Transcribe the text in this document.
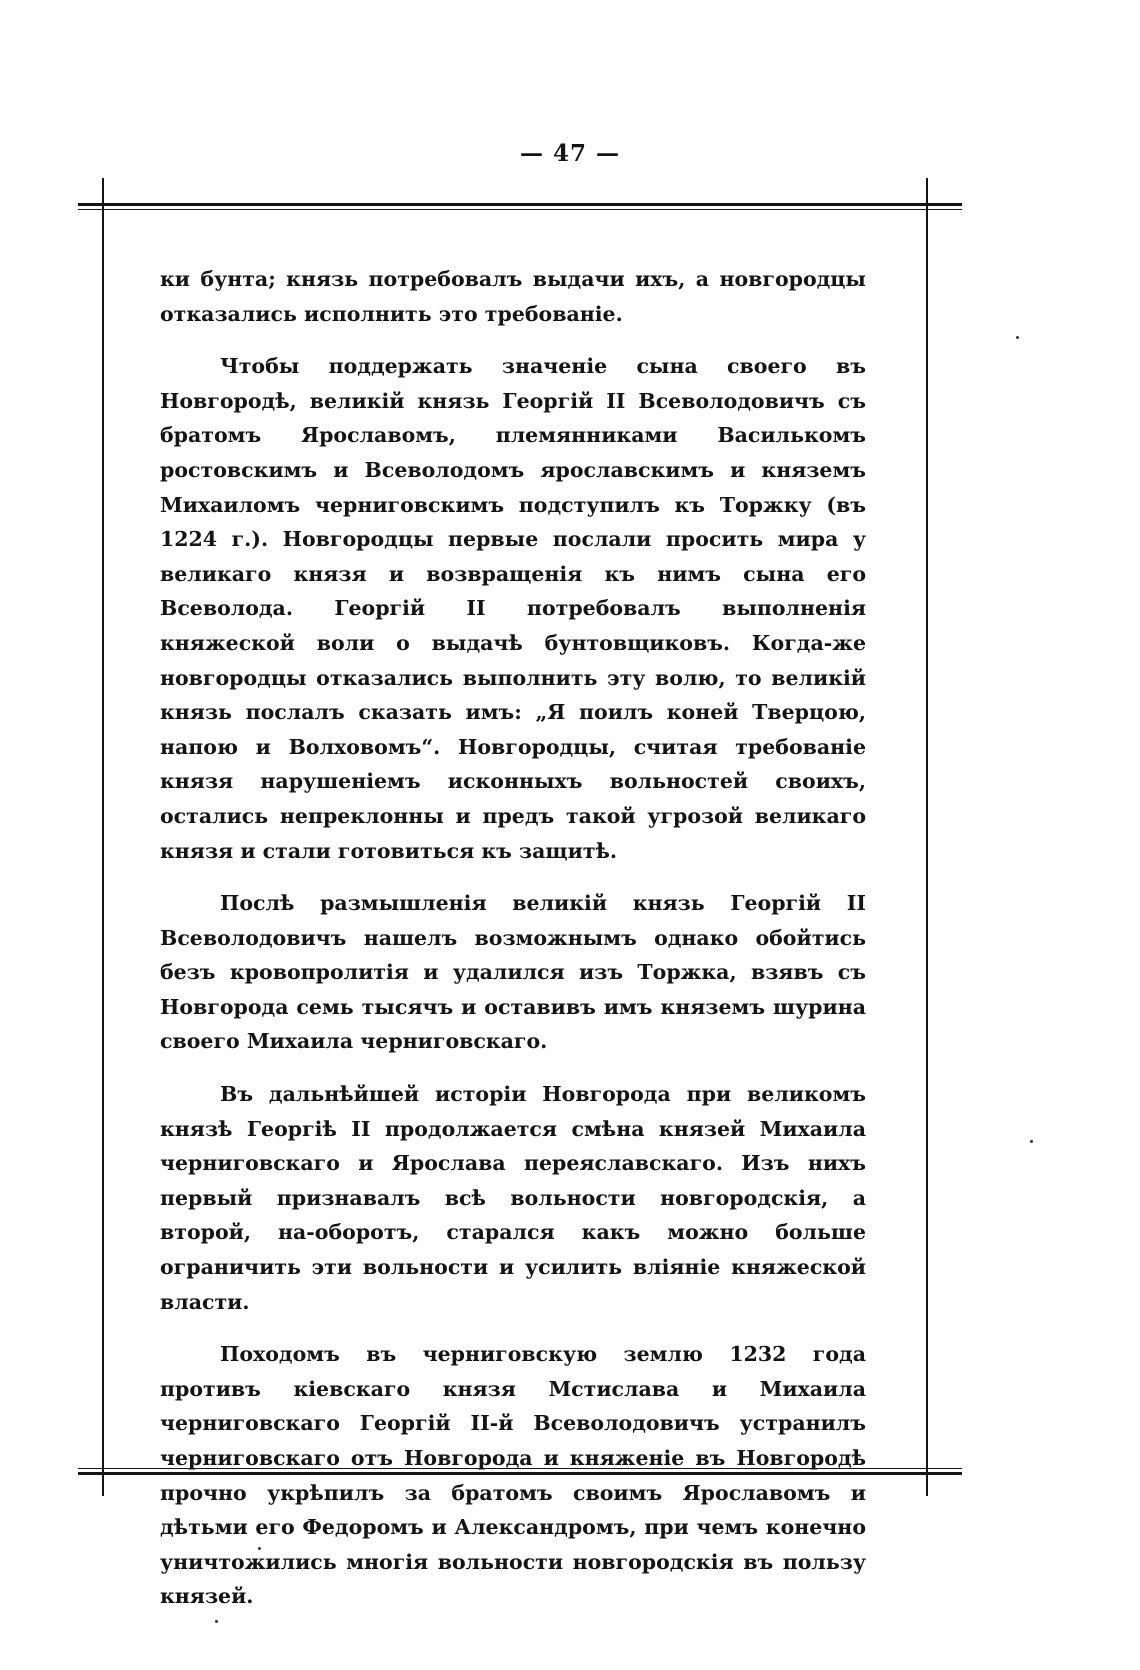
— 47 —

ки бунта; князь потребовалъ выдачи ихъ, а новгородцы отказались исполнить это требованіе.

Чтобы поддержать значеніе сына своего въ Новгородѣ, великій князь Георгій II Всеволодовичъ съ братомъ Ярославомъ, племянниками Василькомъ ростовскимъ и Всеволодомъ ярославскимъ и княземъ Михаиломъ черниговскимъ подступилъ къ Торжку (въ 1224 г.). Новгородцы первые послали просить мира у великаго князя и возвращенія къ нимъ сына его Всеволода. Георгій II потребовалъ выполненія княжеской воли о выдачѣ бунтовщиковъ. Когда-же новгородцы отказались выполнить эту волю, то великій князь послалъ сказать имъ: „Я поилъ коней Тверцою, напою и Волховомъ“. Новгородцы, считая требованіе князя нарушеніемъ исконныхъ вольностей своихъ, остались непреклонны и предъ такой угрозой великаго князя и стали готовиться къ защитѣ.

Послѣ размышленія великій князь Георгій II Всеволодовичъ нашелъ возможнымъ однако обойтись безъ кровопролитія и удалился изъ Торжка, взявъ съ Новгорода семь тысячъ и оставивъ имъ княземъ шурина своего Михаила черниговскаго.

Въ дальнѣйшей исторіи Новгорода при великомъ князѣ Георгіѣ II продолжается смѣна князей Михаила черниговскаго и Ярослава переяславскаго. Изъ нихъ первый признавалъ всѣ вольности новгородскія, а второй, на-оборотъ, старался какъ можно больше ограничить эти вольности и усилить вліяніе княжеской власти.

Походомъ въ черниговскую землю 1232 года противъ кіевскаго князя Мстислава и Михаила черниговскаго Георгій II-й Всеволодовичъ устранилъ черниговскаго отъ Новгорода и княженіе въ Новгородѣ прочно укрѣпилъ за братомъ своимъ Ярославомъ и дѣтьми его Федоромъ и Александромъ, при чемъ конечно уничтожились многія вольности новгородскія въ пользу князей.
